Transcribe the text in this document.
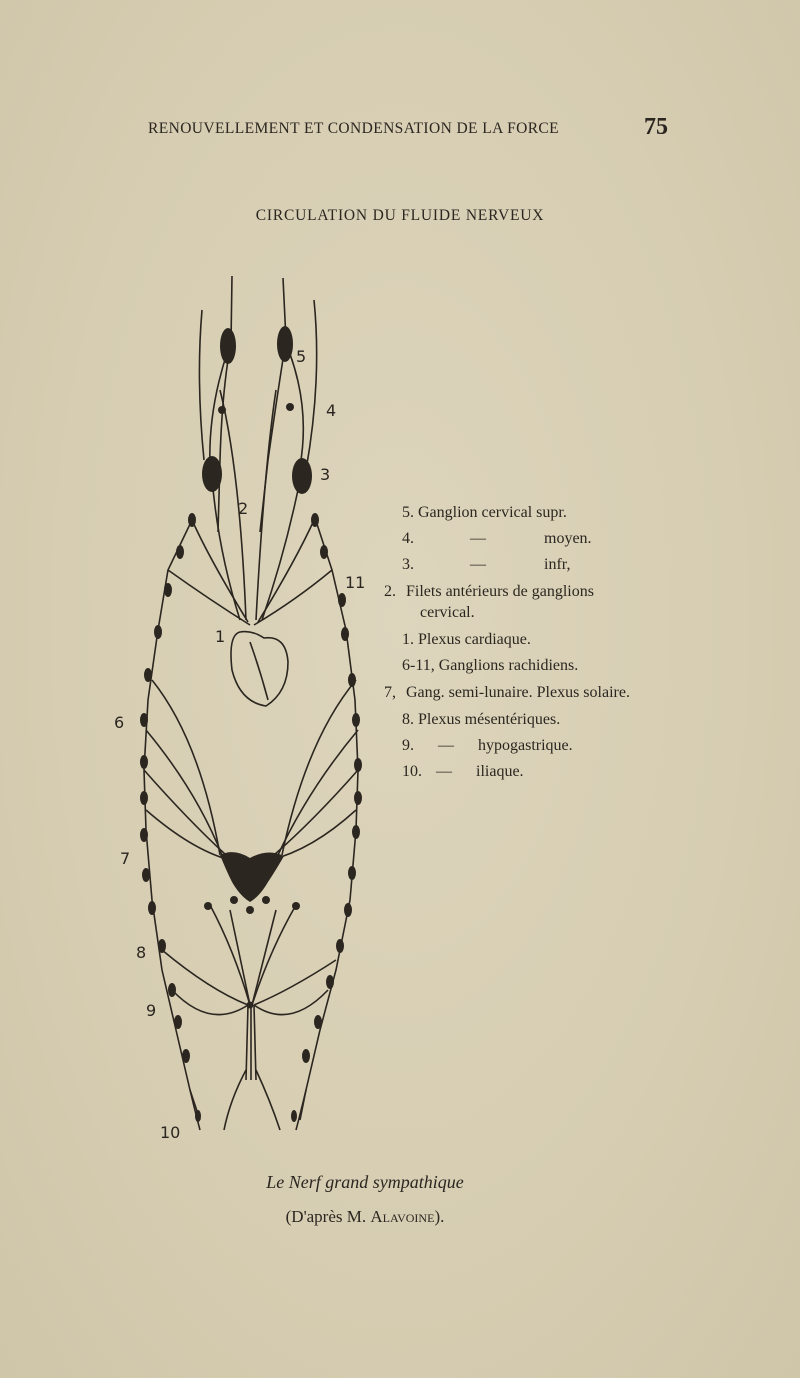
RENOUVELLEMENT ET CONDENSATION DE LA FORCE	75
CIRCULATION DU FLUIDE NERVEUX
5
4
3
2
1
11
6
7
8
9
10
5. Ganglion cervical supr.
4.	—	moyen.
3.	—	infr,
Filets antérieurs de ganglions cervical.
1. Plexus cardiaque.
6-11, Ganglions rachidiens.
Gang. semi-lunaire. Plexus solaire.
8. Plexus mésentériques.
9. — hypogastrique.
10. — iliaque.
Le Nerf grand sympathique
(D'après M. Alavoine).
